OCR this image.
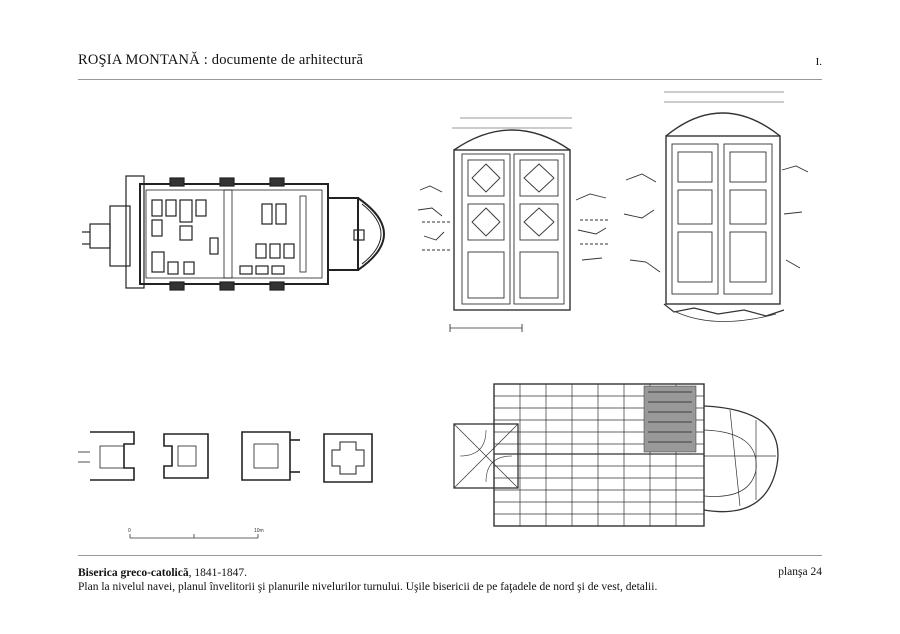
ROŞIA MONTANĂ : documente de arhitectură	I.
0	10m
Biserica greco-catolică, 1841-1847.
Plan la nivelul navei, planul învelitorii şi planurile nivelurilor turnului. Uşile bisericii de pe faţadele de nord şi de vest, detalii.
planşa 24
